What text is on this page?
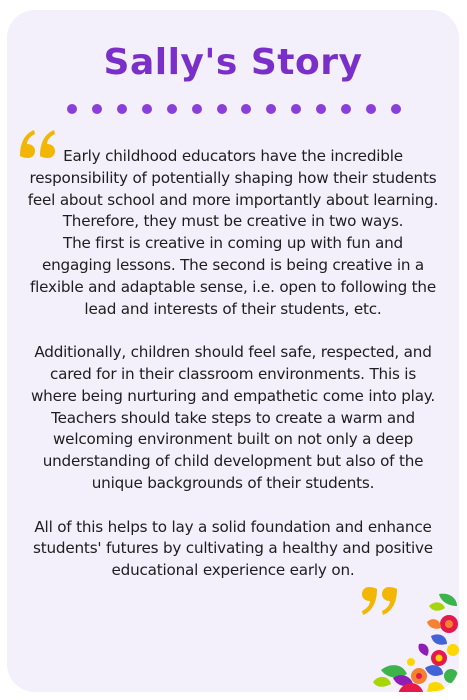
Sally's Story

Early childhood educators have the incredible responsibility of potentially shaping how their students feel about school and more importantly about learning. Therefore, they must be creative in two ways.

The first is creative in coming up with fun and engaging lessons. The second is being creative in a flexible and adaptable sense, i.e. open to following the lead and interests of their students, etc.

Additionally, children should feel safe, respected, and cared for in their classroom environments. This is where being nurturing and empathetic come into play. Teachers should take steps to create a warm and welcoming environment built on not only a deep understanding of child development but also of the unique backgrounds of their students.

All of this helps to lay a solid foundation and enhance students' futures by cultivating a healthy and positive educational experience early on.
